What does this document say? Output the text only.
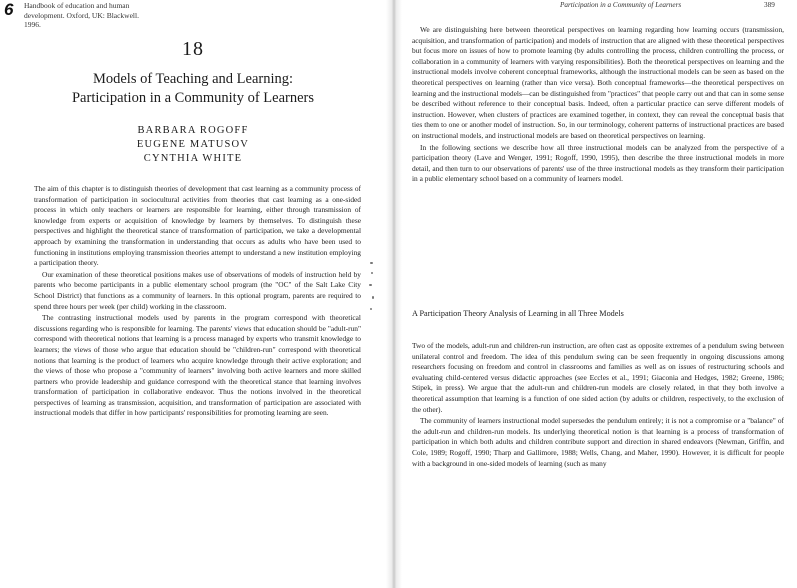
6 Handbook of education and human
development. Oxford, UK: Blackwell.
1996.
18
Models of Teaching and Learning:
Participation in a Community of Learners
BARBARA ROGOFF
EUGENE MATUSOV
CYNTHIA WHITE

The aim of this chapter is to distinguish theories of development that cast learning as a community process of transformation of participation in sociocultural activities from theories that cast learning as a one-sided process in which only teachers or learners are responsible for learning, either through transmission of knowledge from experts or acquisition of knowledge by learners by themselves. To distinguish these perspectives and highlight the theoretical stance of transformation of participation, we take a developmental approach by examining the transformation in understanding that occurs as adults who have been used to functioning in institutions employing transmission theories attempt to understand a new institution employing a participation theory.

Our examination of these theoretical positions makes use of observations of models of instruction held by parents who become participants in a public elementary school program (the "OC" of the Salt Lake City School District) that functions as a community of learners. In this optional program, parents are required to spend three hours per week (per child) working in the classroom.

The contrasting instructional models used by parents in the program correspond with theoretical discussions regarding who is responsible for learning. The parents' views that education should be "adult-run" correspond with theoretical notions that learning is a process managed by experts who transmit knowledge to learners; the views of those who argue that education should be "children-run" correspond with theoretical notions that learning is the product of learners who acquire knowledge through their active exploration; and the views of those who propose a "community of learners" involving both active learners and more skilled partners who provide leadership and guidance correspond with the theoretical stance that learning involves transformation of participation in collaborative endeavor. Thus the notions involved in the theoretical perspectives of learning as transmission, acquisition, and transformation of participation are associated with instructional models that differ in how participants' responsibilities for promoting learning are seen.

Participation in a Community of Learners	389

We are distinguishing here between theoretical perspectives on learning regarding how learning occurs (transmission, acquisition, and transformation of participation) and models of instruction that are aligned with these theoretical perspectives but focus more on issues of how to promote learning (by adults controlling the process, children controlling the process, or collaboration in a community of learners with varying responsibilities). Both the theoretical perspectives on learning and the instructional models involve coherent conceptual frameworks, although the instructional models can be seen as based on the theoretical perspectives on learning (rather than vice versa). Both conceptual frameworks—the theoretical perspectives on learning and the instructional models—can be distinguished from "practices" that people carry out and that can in some sense be described without reference to their conceptual basis. Indeed, often a particular practice can serve different models of instruction. However, when clusters of practices are examined together, in context, they can reveal the conceptual basis that ties them to one or another model of instruction. So, in our terminology, coherent patterns of instructional practices are based on instructional models, and instructional models are based on theoretical perspectives on learning.

In the following sections we describe how all three instructional models can be analyzed from the perspective of a participation theory (Lave and Wenger, 1991; Rogoff, 1990, 1995), then describe the three instructional models in more detail, and then turn to our observations of parents' use of the three instructional models as they transform their participation in a public elementary school based on a community of learners model.

A Participation Theory Analysis of Learning in all Three Models

Two of the models, adult-run and children-run instruction, are often cast as opposite extremes of a pendulum swing between unilateral control and freedom. The idea of this pendulum swing can be seen frequently in ongoing discussions among researchers focusing on freedom and control in classrooms and families as well as on issues of restructuring schools and evaluating child-centered versus didactic approaches (see Eccles et al., 1991; Giaconia and Hedges, 1982; Greene, 1986; Stipek, in press). We argue that the adult-run and children-run models are closely related, in that they both involve a theoretical assumption that learning is a function of one sided action (by adults or children, respectively, to the exclusion of the other).

The community of learners instructional model supersedes the pendulum entirely; it is not a compromise or a "balance" of the adult-run and children-run models. Its underlying theoretical notion is that learning is a process of transformation of participation in which both adults and children contribute support and direction in shared endeavors (Newman, Griffin, and Cole, 1989; Rogoff, 1990; Tharp and Gallimore, 1988; Wells, Chang, and Maher, 1990). However, it is difficult for people with a background in one-sided models of learning (such as many
